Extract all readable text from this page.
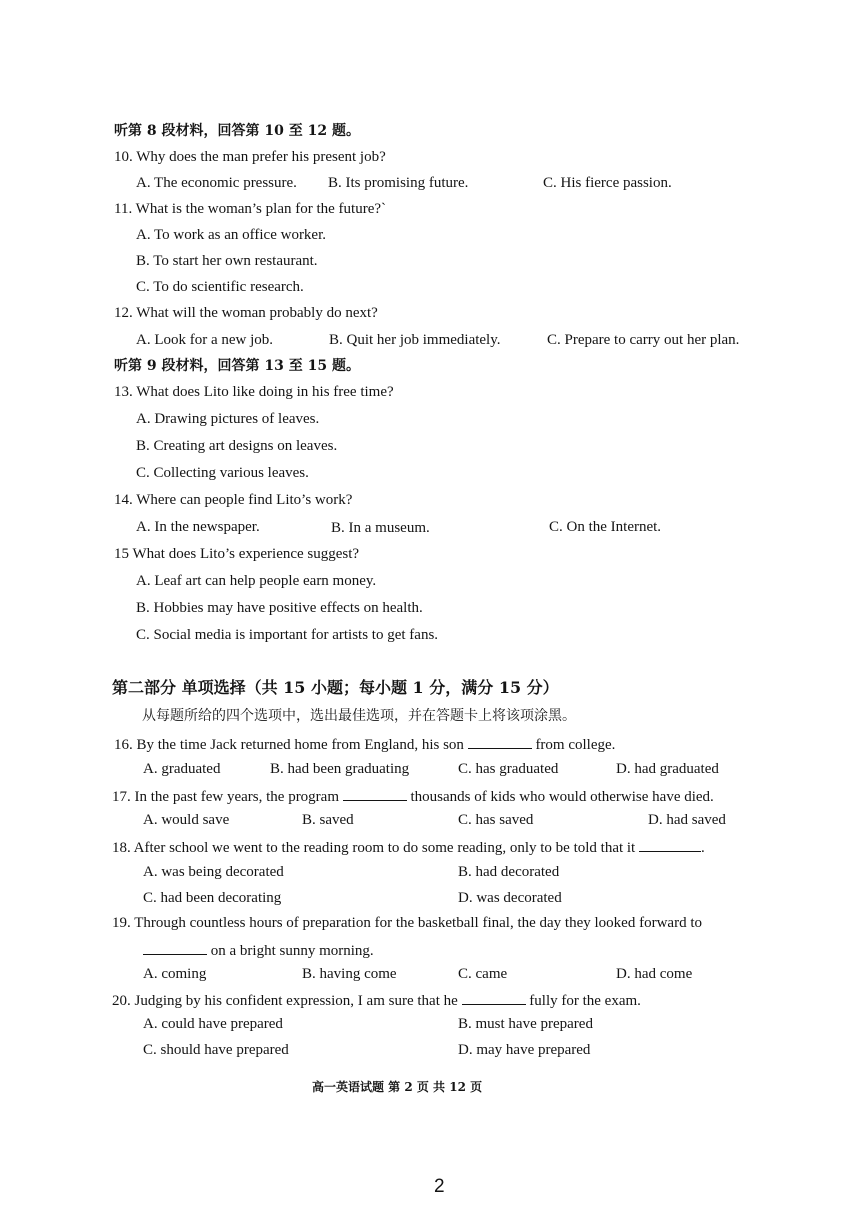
听第 8 段材料，回答第 10 至 12 题。
10. Why does the man prefer his present job?
A. The economic pressure. B. Its promising future.	C. His fierce passion.
11. What is the woman’s plan for the future?`
A. To work as an office worker.
B. To start her own restaurant.
C. To do scientific research.
12. What will the woman probably do next?
A. Look for a new job.	B. Quit her job immediately.	C. Prepare to carry out her plan.
听第 9 段材料，回答第 13 至 15 题。
13. What does Lito like doing in his free time?
A. Drawing pictures of leaves.
B. Creating art designs on leaves.
C. Collecting various leaves.
14. Where can people find Lito’s work?
A. In the newspaper.	B. In a museum.	C. On the Internet.
15 What does Lito’s experience suggest?
A. Leaf art can help people earn money.
B. Hobbies may have positive effects on health.
C. Social media is important for artists to get fans.
第二部分 单项选择（共 15 小题；每小题 1 分，满分 15 分）
从每题所给的四个选项中，选出最佳选项，并在答题卡上将该项涂黑。
16. By the time Jack returned home from England, his son	from college.
A. graduated	B. had been graduating	C. has graduated	D. had graduated
17. In the past few years, the program	thousands of kids who would otherwise have died.
A. would save	B. saved	C. has saved	D. had saved
18. After school we went to the reading room to do some reading, only to be told that it	.
A. was being decorated	B. had decorated
C. had been decorating	D. was decorated
19. Through countless hours of preparation for the basketball final, the day they looked forward to
on a bright sunny morning.
A. coming	B. having come	C. came	D. had come
20. Judging by his confident expression, I am sure that he	fully for the exam.
A. could have prepared	B. must have prepared
C. should have prepared	D. may have prepared
高一英语试题 第 2 页 共 12 页
2
